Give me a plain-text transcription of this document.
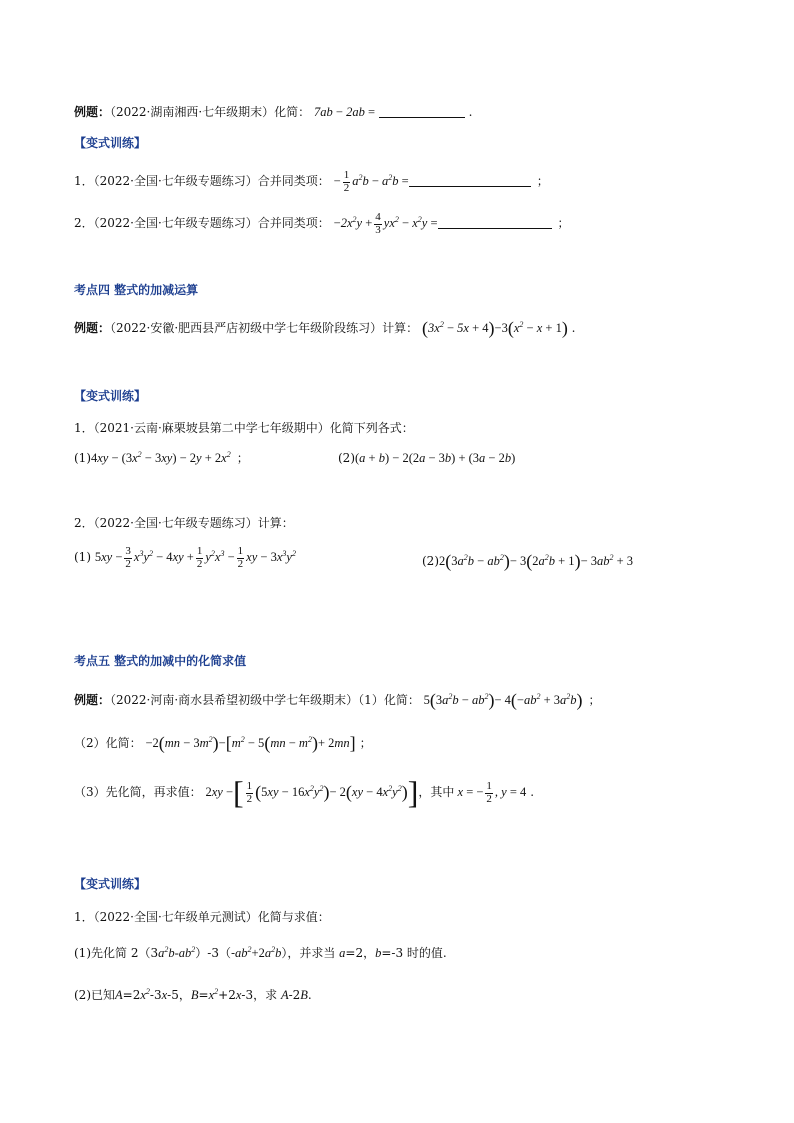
例题：（2022·湖南湘西·七年级期末）化简： 7ab − 2ab =	.
【变式训练】
1．（2022·全国·七年级专题练习）合并同类项： − $\frac{1}{2} a^2b - a^2b$ =	；
2．（2022·全国·七年级专题练习）合并同类项： $-2x^2y + \frac{4}{3} yx^2 - x^2y$ =	；
考点四 整式的加减运算
例题：（2022·安徽·肥西县严店初级中学七年级阶段练习）计算： $(3x^2 - 5x + 4)-3(x^2 - x + 1)$ .
【变式训练】
1．（2021·云南·麻栗坡县第二中学七年级期中）化简下列各式：
$(1)4xy - (3x^2 - 3xy) - 2y + 2x^2$ ；	(2)(a + b) − 2(2a − 3b) + (3a − 2b)
2．（2022·全国·七年级专题练习）计算：
(1) $5xy - \frac{3}{2} x^3y^2 - 4xy + \frac{1}{2} y^2x^3 - \frac{1}{2}$ xy − $3x^3y^2$
$(2)2(3a^2b - ab^2)- 3(2a^2b + 1)- 3ab^2 + 3$
考点五 整式的加减中的化简求值
例题：（2022·河南·商水县希望初级中学七年级期末）（1）化简： $5(3a^2b - ab^2)- 4(-ab^2 + 3a^2b)$ ；
（2）化简： $-2(mn - 3m^2)-[m^2 - 5(mn - m^2)+ 2mn]$ ；
（3）先化简，再求值： 2xy −[ $\frac{1}{2} (5xy - 16x^2y^2)- 2(xy - 4x^2y^2)$]，其中 x = − $\frac{1}{2}$ , y = 4 .
【变式训练】
1．（2022·全国·七年级单元测试）化简与求值：
(1)先化简 $2(3a^2b-ab^2)-3(-ab^2+2a^2b)$，并求当 a=2，b=-3 时的值.
(2)已知$A=2x^2-3x-5$，$B=x^2+2x-3$，求 A-2B.
